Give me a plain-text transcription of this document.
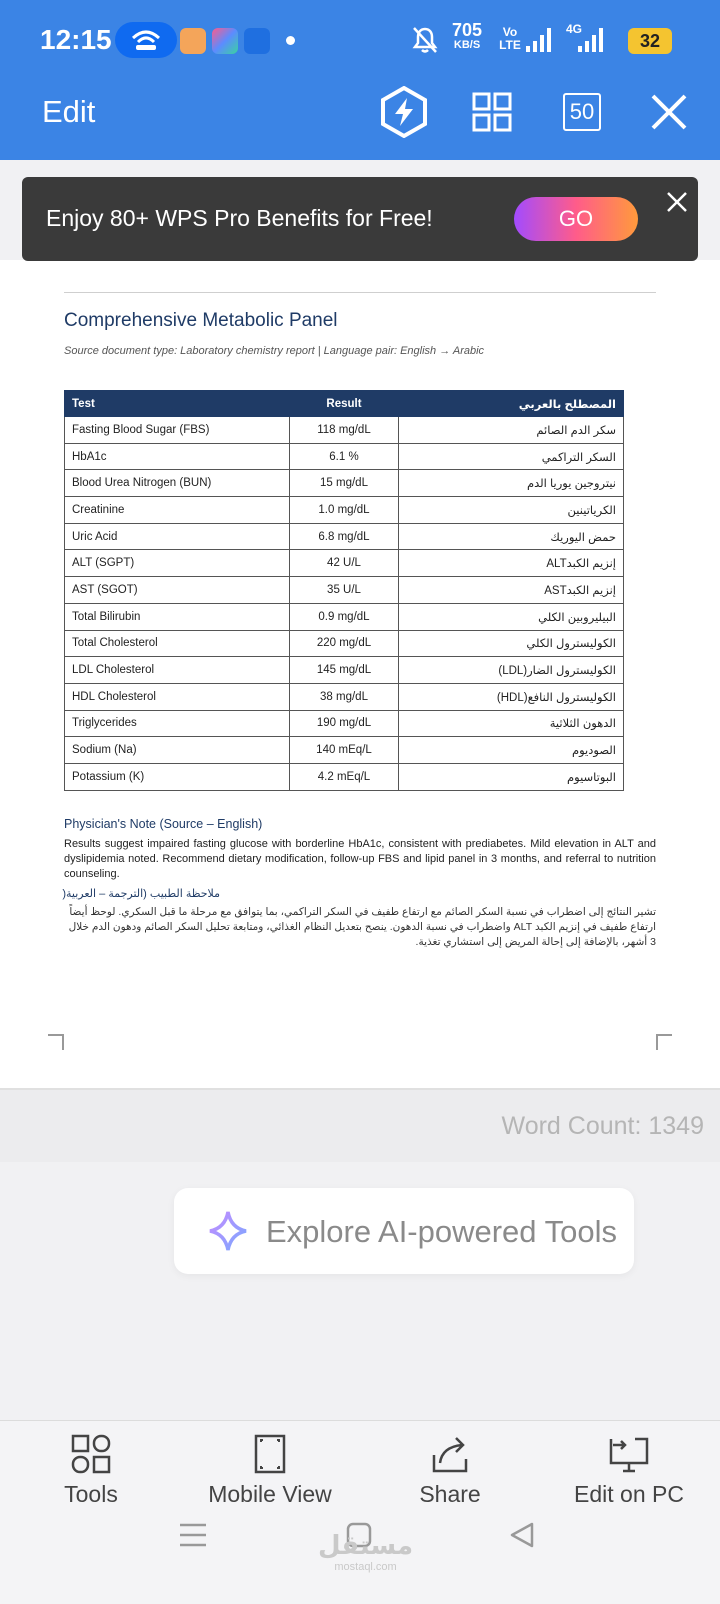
12:15	705
KB/S
Vo LTE
4G
32
Edit	50
Comprehensive Metabolic Panel
Source document type: Laboratory chemistry report | Language pair: English → Arabic
Test	Result	المصطلح بالعربي
Fasting Blood Sugar (FBS)	118 mg/dL	سكر الدم الصائم
HbA1c	6.1 %	السكر التراكمي
Blood Urea Nitrogen (BUN)	15 mg/dL	نيتروجين يوريا الدم
Creatinine	1.0 mg/dL	الكرياتينين
Uric Acid	6.8 mg/dL	حمض اليوريك
ALT (SGPT)	42 U/L	إنزيم الكبدALT
AST (SGOT)	35 U/L	إنزيم الكبدAST
Total Bilirubin	0.9 mg/dL	البيليروبين الكلي
Total Cholesterol	220 mg/dL	الكوليسترول الكلي
LDL Cholesterol	145 mg/dL	الكوليسترول الضار(LDL)
HDL Cholesterol	38 mg/dL	الكوليسترول النافع(HDL)
Triglycerides	190 mg/dL	الدهون الثلاثية
Sodium (Na)	140 mEq/L	الصوديوم
Potassium (K)	4.2 mEq/L	البوتاسيوم
Physician's Note (Source – English)
Results suggest impaired fasting glucose with borderline HbA1c, consistent with prediabetes. Mild elevation in ALT and dyslipidemia noted. Recommend dietary modification, follow-up FBS and lipid panel in 3 months, and referral to nutrition counseling.
ملاحظة الطبيب (الترجمة – العربية(
تشير النتائج إلى اضطراب في نسبة السكر الصائم مع ارتفاع طفيف في السكر التراكمي، بما يتوافق مع مرحلة ما قبل السكري. لوحظ أيضاً ارتفاع طفيف في إنزيم الكبد ALT واضطراب في نسبة الدهون. ينصح بتعديل النظام الغذائي، ومتابعة تحليل السكر الصائم ودهون الدم خلال 3 أشهر، بالإضافة إلى إحالة المريض إلى استشاري تغذية.
Enjoy 80+ WPS Pro Benefits for Free!	GO
Word Count: 1349
Explore AI-powered Tools
Tools	Mobile View	Share	Edit on PC
مستقل
mostaql.com
